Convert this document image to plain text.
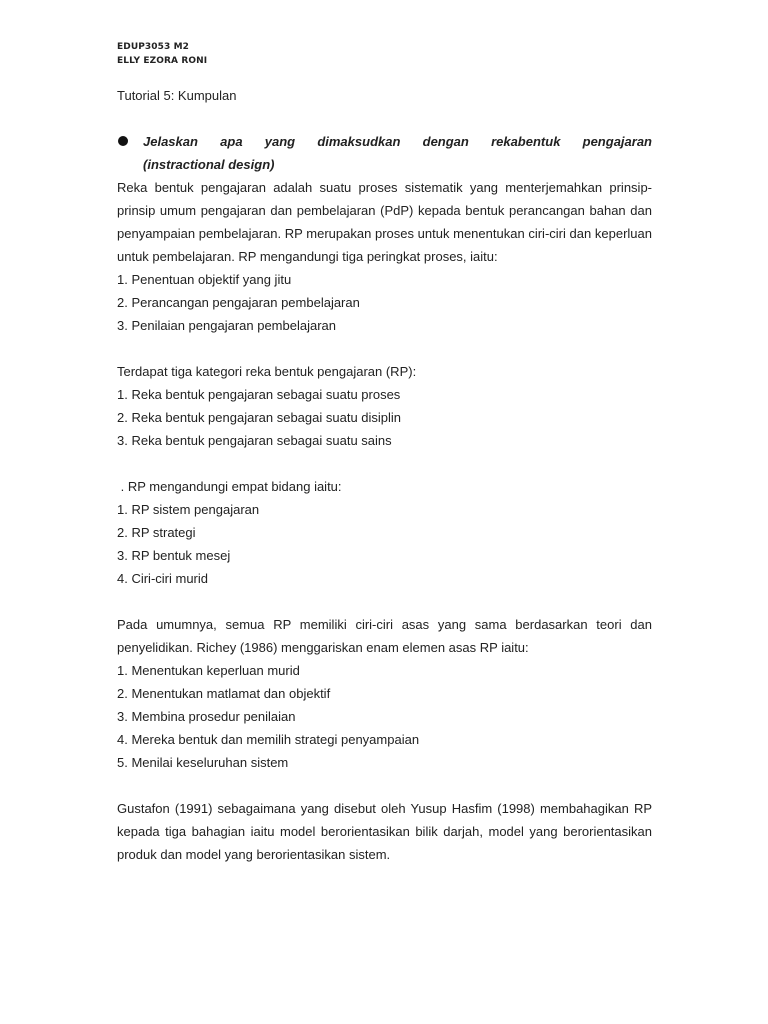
EDUP3053 M2
ELLY EZORA RONI
Tutorial 5: Kumpulan
Jelaskan apa yang dimaksudkan dengan rekabentuk pengajaran
(instractional design)

Reka bentuk pengajaran adalah suatu proses sistematik yang menterjemahkan prinsip-prinsip umum pengajaran dan pembelajaran (PdP) kepada bentuk perancangan bahan dan penyampaian pembelajaran. RP merupakan proses untuk menentukan ciri-ciri dan keperluan untuk pembelajaran. RP mengandungi tiga peringkat proses, iaitu:

1. Penentuan objektif yang jitu

2. Perancangan pengajaran pembelajaran

3. Penilaian pengajaran pembelajaran

Terdapat tiga kategori reka bentuk pengajaran (RP):

1. Reka bentuk pengajaran sebagai suatu proses

2. Reka bentuk pengajaran sebagai suatu disiplin

3. Reka bentuk pengajaran sebagai suatu sains

. RP mengandungi empat bidang iaitu:

1. RP sistem pengajaran

2. RP strategi

3. RP bentuk mesej

4. Ciri-ciri murid

Pada umumnya, semua RP memiliki ciri-ciri asas yang sama berdasarkan teori dan penyelidikan. Richey (1986) menggariskan enam elemen asas RP iaitu:

1. Menentukan keperluan murid

2. Menentukan matlamat dan objektif

3. Membina prosedur penilaian

4. Mereka bentuk dan memilih strategi penyampaian

5. Menilai keseluruhan sistem

Gustafon (1991) sebagaimana yang disebut oleh Yusup Hasfim (1998) membahagikan RP kepada tiga bahagian iaitu model berorientasikan bilik darjah, model yang berorientasikan produk dan model yang berorientasikan sistem.
